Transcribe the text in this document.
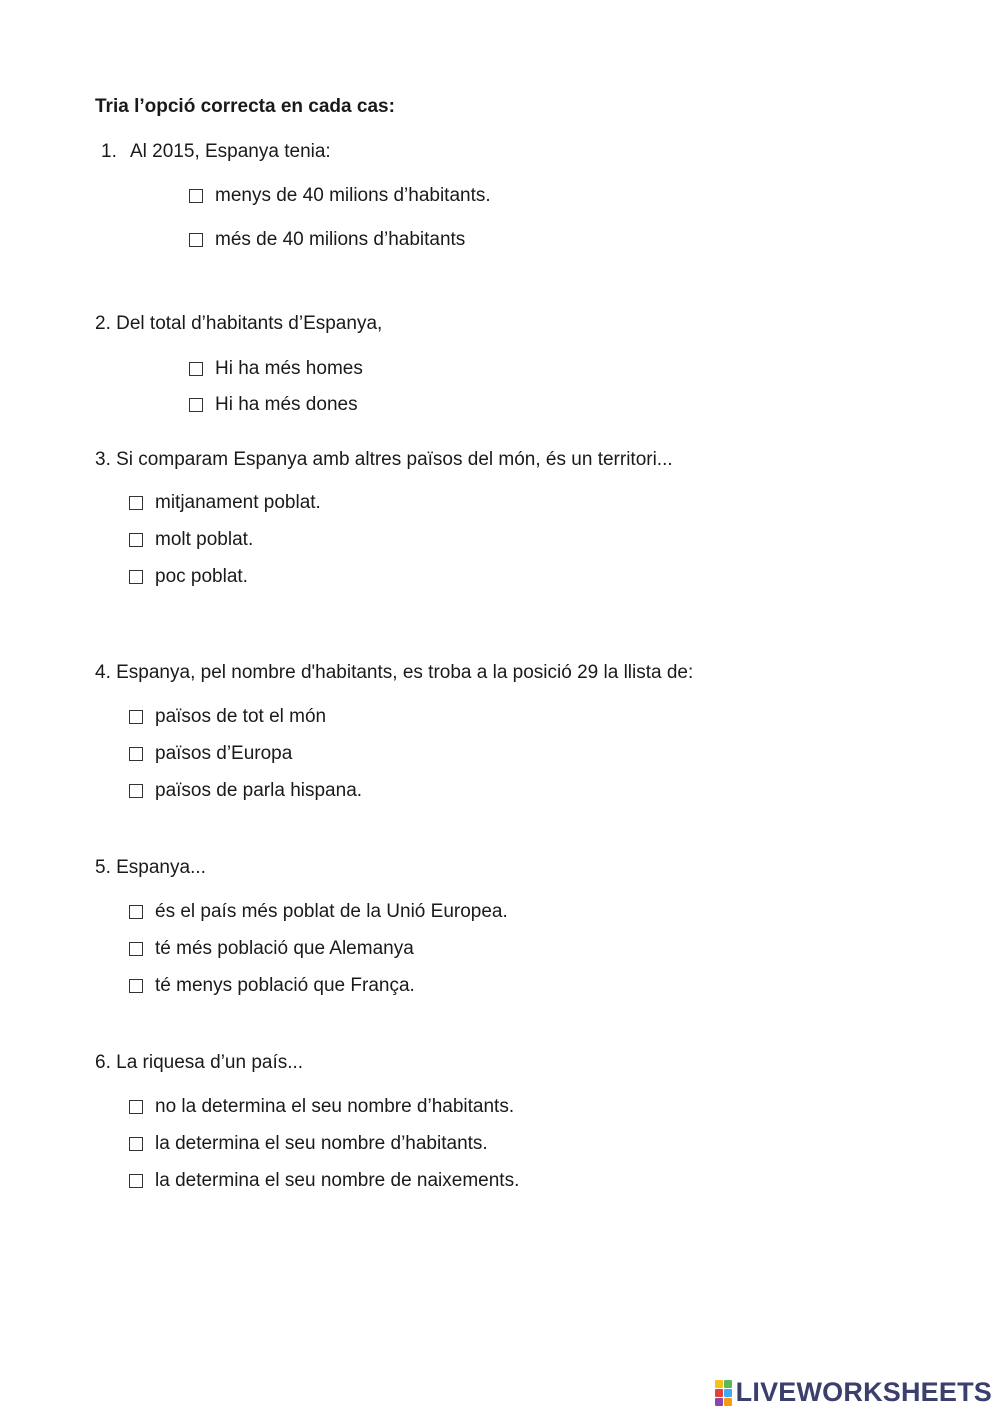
Tria l’opció correcta en cada cas:
1. Al 2015, Espanya tenia:
menys de 40 milions d’habitants.
més de 40 milions d’habitants
2. Del total d’habitants d’Espanya,
Hi ha més homes
Hi ha més dones
3. Si comparam Espanya amb altres països del món, és un territori...
mitjanament poblat.
molt poblat.
poc poblat.
4. Espanya, pel nombre d'habitants, es troba a la posició 29 la llista de:
països de tot el món
països d’Europa
països de parla hispana.
5. Espanya...
és el país més poblat de la Unió Europea.
té més població que Alemanya
té menys població que França.
6. La riquesa d’un país...
no la determina el seu nombre d’habitants.
la determina el seu nombre d’habitants.
la determina el seu nombre de naixements.
LIVEWORKSHEETS
